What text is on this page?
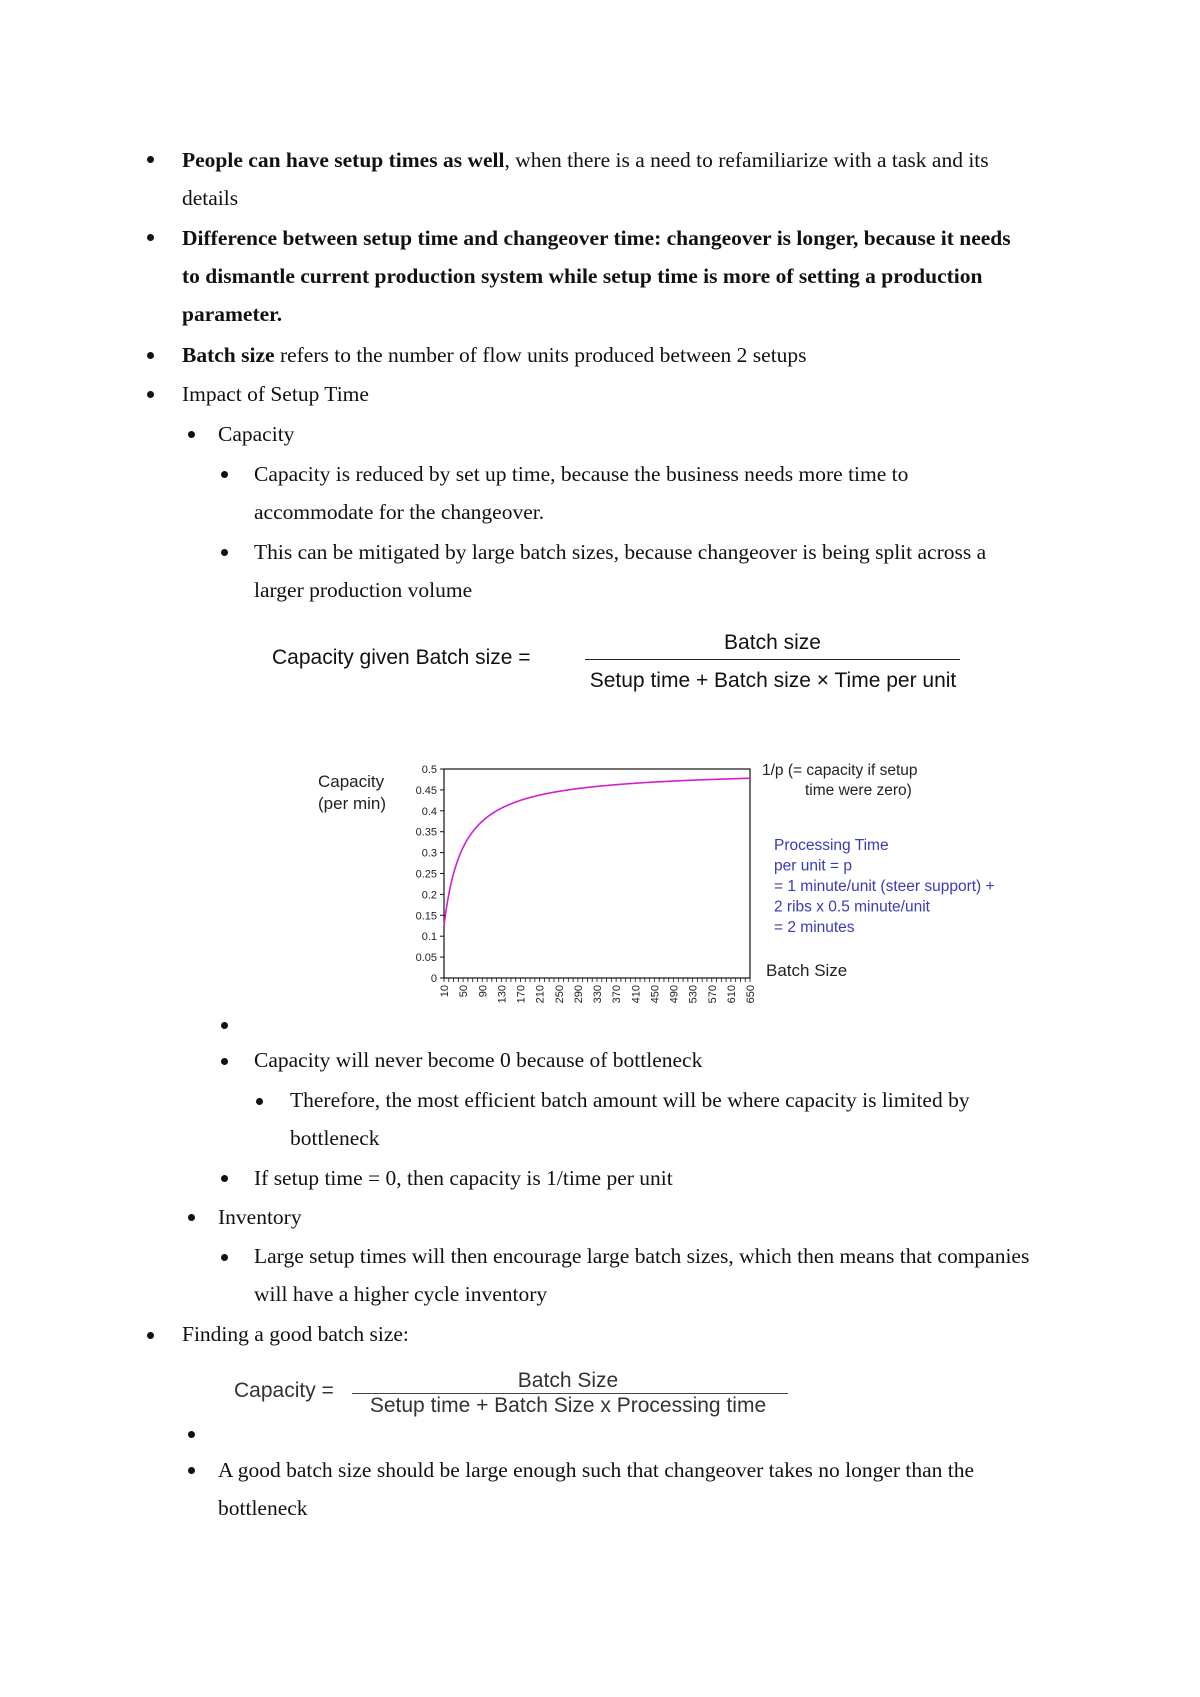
People can have setup times as well, when there is a need to refamiliarize with a task and its
details
Difference between setup time and changeover time: changeover is longer, because it needs
to dismantle current production system while setup time is more of setting a production
parameter.
Batch size refers to the number of flow units produced between 2 setups
Impact of Setup Time
Capacity
Capacity is reduced by set up time, because the business needs more time to
accommodate for the changeover.
This can be mitigated by large batch sizes, because changeover is being split across a
larger production volume
Capacity given Batch size =
Batch size
Setup time + Batch size × Time per unit
0
0.05
0.1
0.15
0.2
0.25
0.3
0.35
0.4
0.45
0.5
10 50 90 130 170 210 250 290 330 370 410 450 490 530 570 610 650
Capacity
(per min)
Batch Size
1/p (= capacity if setup
time were zero)
Processing Time
per unit = p
= 1 minute/unit (steer support) +
2 ribs x 0.5 minute/unit
= 2 minutes
Capacity will never become 0 because of bottleneck
Therefore, the most efficient batch amount will be where capacity is limited by
bottleneck
If setup time = 0, then capacity is 1/time per unit
Inventory
Large setup times will then encourage large batch sizes, which then means that companies
will have a higher cycle inventory
Finding a good batch size:
Capacity =	Batch Size
Setup time + Batch Size x Processing time
A good batch size should be large enough such that changeover takes no longer than the
bottleneck
